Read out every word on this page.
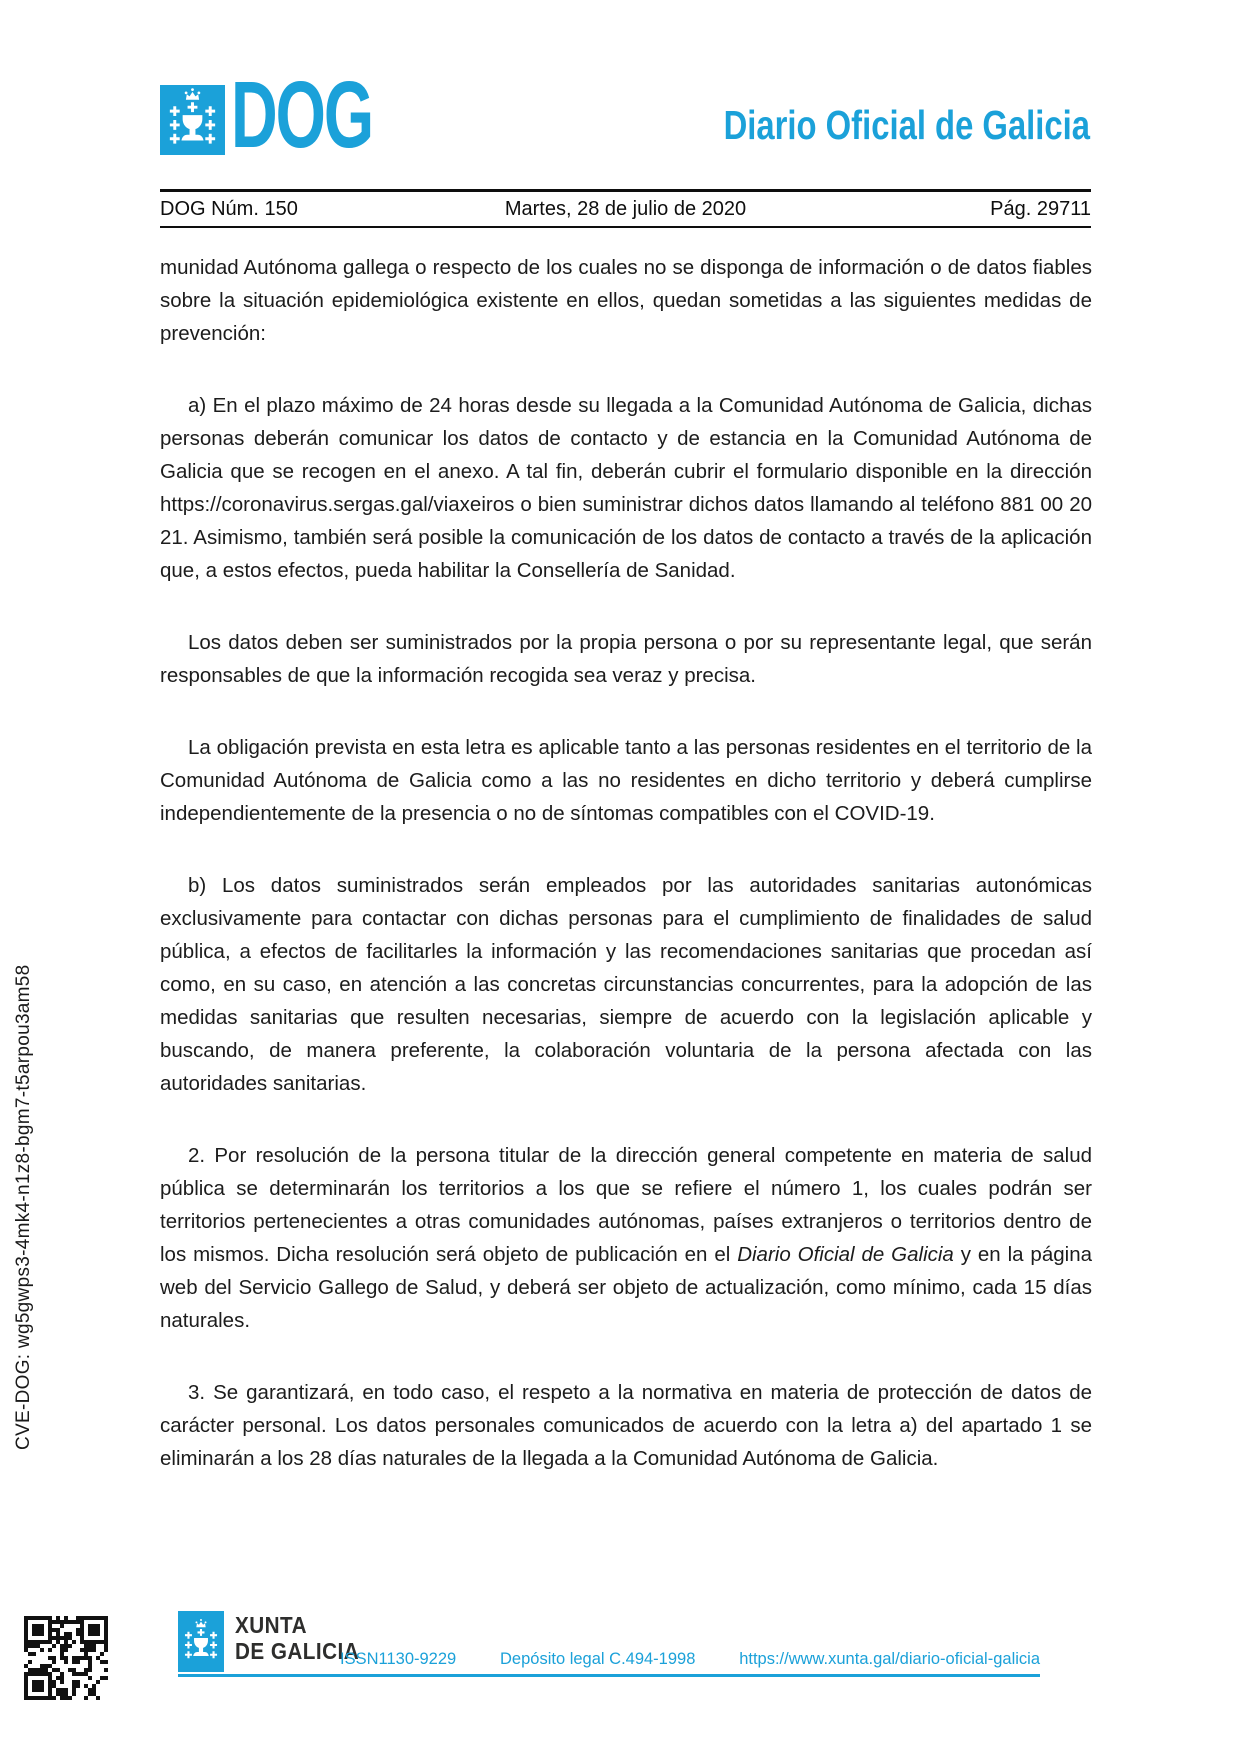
DOG	Diario Oficial de Galicia
DOG Núm. 150	Martes, 28 de julio de 2020	Pág. 29711

munidad Autónoma gallega o respecto de los cuales no se disponga de información o de datos fiables sobre la situación epidemiológica existente en ellos, quedan sometidas a las siguientes medidas de prevención:

a) En el plazo máximo de 24 horas desde su llegada a la Comunidad Autónoma de Galicia, dichas personas deberán comunicar los datos de contacto y de estancia en la Comunidad Autónoma de Galicia que se recogen en el anexo. A tal fin, deberán cubrir el formulario disponible en la dirección https://coronavirus.sergas.gal/viaxeiros o bien suministrar dichos datos llamando al teléfono 881 00 20 21. Asimismo, también será posible la comunicación de los datos de contacto a través de la aplicación que, a estos efectos, pueda habilitar la Consellería de Sanidad.

Los datos deben ser suministrados por la propia persona o por su representante legal, que serán responsables de que la información recogida sea veraz y precisa.

La obligación prevista en esta letra es aplicable tanto a las personas residentes en el territorio de la Comunidad Autónoma de Galicia como a las no residentes en dicho territorio y deberá cumplirse independientemente de la presencia o no de síntomas compatibles con el COVID-19.

b) Los datos suministrados serán empleados por las autoridades sanitarias autonómicas exclusivamente para contactar con dichas personas para el cumplimiento de finalidades de salud pública, a efectos de facilitarles la información y las recomendaciones sanitarias que procedan así como, en su caso, en atención a las concretas circunstancias concurrentes, para la adopción de las medidas sanitarias que resulten necesarias, siempre de acuerdo con la legislación aplicable y buscando, de manera preferente, la colaboración voluntaria de la persona afectada con las autoridades sanitarias.

2. Por resolución de la persona titular de la dirección general competente en materia de salud pública se determinarán los territorios a los que se refiere el número 1, los cuales podrán ser territorios pertenecientes a otras comunidades autónomas, países extranjeros o territorios dentro de los mismos. Dicha resolución será objeto de publicación en el Diario Oficial de Galicia y en la página web del Servicio Gallego de Salud, y deberá ser objeto de actualización, como mínimo, cada 15 días naturales.

3. Se garantizará, en todo caso, el respeto a la normativa en materia de protección de datos de carácter personal. Los datos personales comunicados de acuerdo con la letra a) del apartado 1 se eliminarán a los 28 días naturales de la llegada a la Comunidad Autónoma de Galicia.

CVE-DOG: wg5gwps3-4mk4-n1z8-bgm7-t5arpou3am58
XUNTA
DE GALICIA
ISSN1130-9229	Depósito legal C.494-1998	https://www.xunta.gal/diario-oficial-galicia
